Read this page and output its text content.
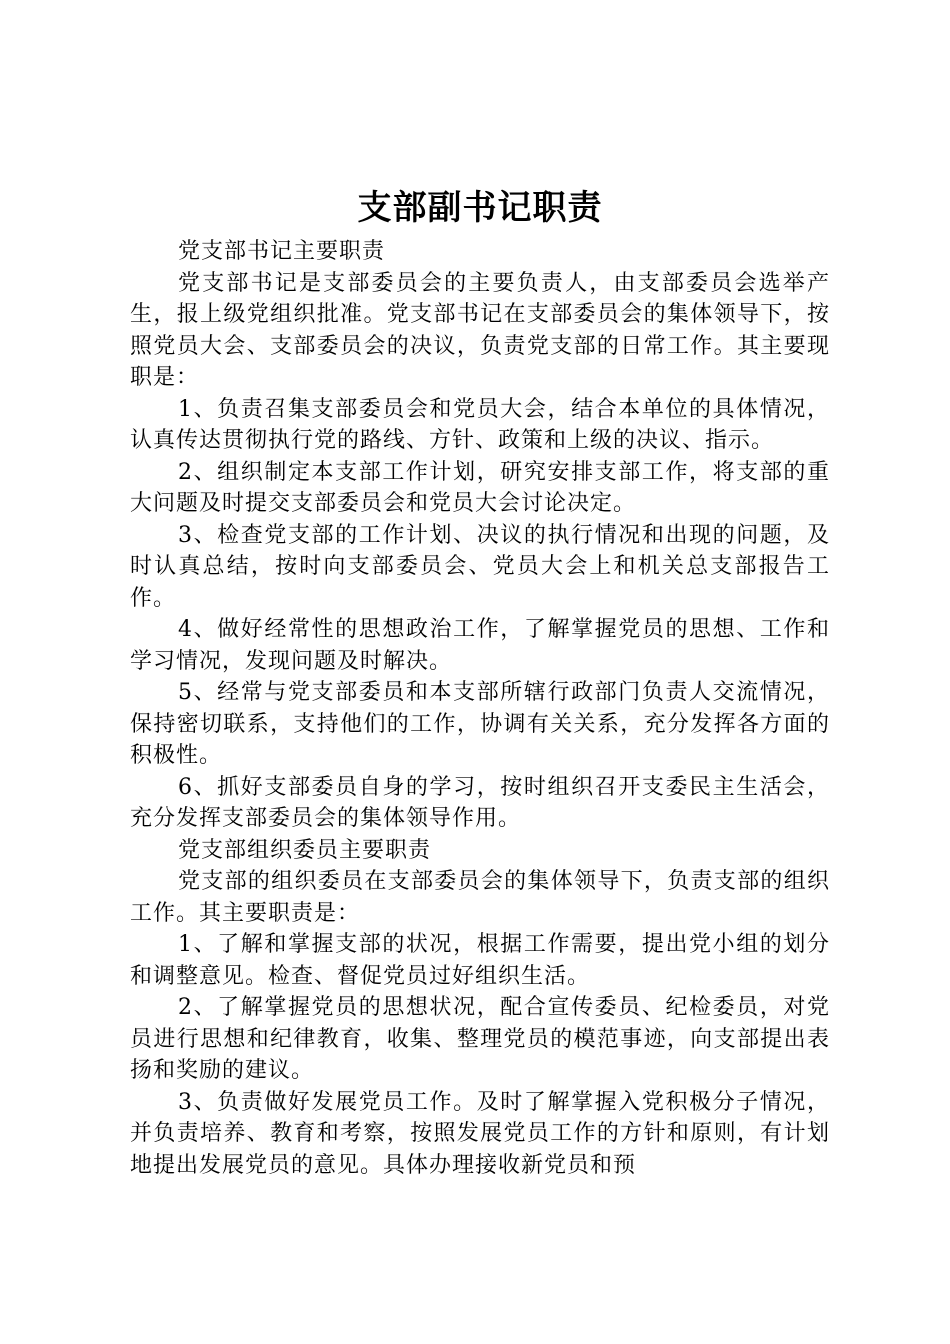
支部副书记职责

党支部书记主要职责

党支部书记是支部委员会的主要负责人，由支部委员会选举产生，报上级党组织批准。党支部书记在支部委员会的集体领导下，按照党员大会、支部委员会的决议，负责党支部的日常工作。其主要现职是：

1、负责召集支部委员会和党员大会，结合本单位的具体情况，认真传达贯彻执行党的路线、方针、政策和上级的决议、指示。

2、组织制定本支部工作计划，研究安排支部工作，将支部的重大问题及时提交支部委员会和党员大会讨论决定。

3、检查党支部的工作计划、决议的执行情况和出现的问题，及时认真总结，按时向支部委员会、党员大会上和机关总支部报告工作。

4、做好经常性的思想政治工作，了解掌握党员的思想、工作和学习情况，发现问题及时解决。

5、经常与党支部委员和本支部所辖行政部门负责人交流情况，保持密切联系，支持他们的工作，协调有关关系，充分发挥各方面的积极性。

6、抓好支部委员自身的学习，按时组织召开支委民主生活会，充分发挥支部委员会的集体领导作用。

党支部组织委员主要职责

党支部的组织委员在支部委员会的集体领导下，负责支部的组织工作。其主要职责是：

1、了解和掌握支部的状况，根据工作需要，提出党小组的划分和调整意见。检查、督促党员过好组织生活。

2、了解掌握党员的思想状况，配合宣传委员、纪检委员，对党员进行思想和纪律教育，收集、整理党员的模范事迹，向支部提出表扬和奖励的建议。

3、负责做好发展党员工作。及时了解掌握入党积极分子情况，并负责培养、教育和考察，按照发展党员工作的方针和原则，有计划地提出发展党员的意见。具体办理接收新党员和预
